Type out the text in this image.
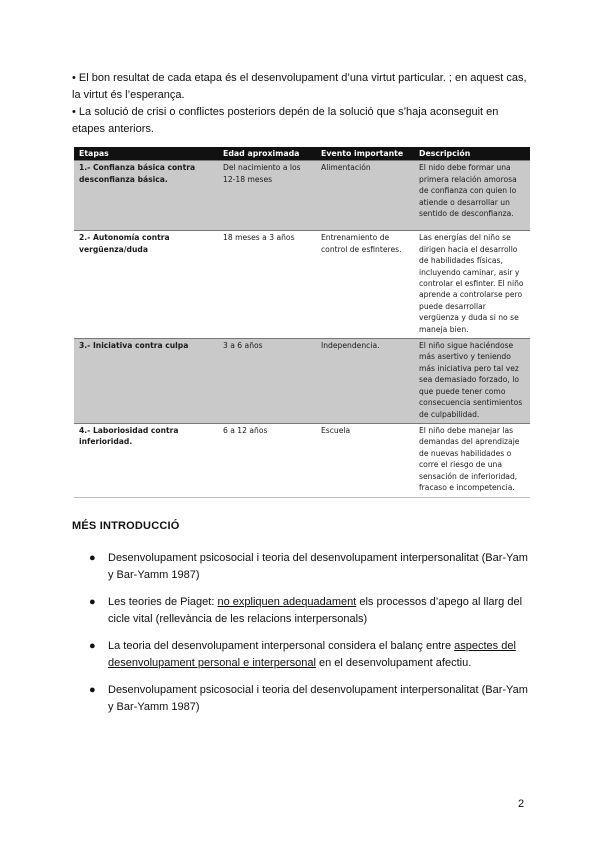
• El bon resultat de cada etapa és el desenvolupament d’una virtut particular. ; en aquest cas, la virtut és l’esperança.

• La solució de crisi o conflictes posteriors depén de la solució que s’haja aconseguit en etapes anteriors.

Etapas	Edad aproximada	Evento importante	Descripción
1.- Confianza básica contra desconfianza básica.	Del nacimiento a los 12-18 meses	Alimentación	El nido debe formar una primera relación amorosa de confianza con quien lo atiende o desarrollar un sentido de desconfianza.
2.- Autonomía contra vergüenza/duda	18 meses a 3 años	Entrenamiento de control de esfinteres.	Las energías del niño se dirigen hacia el desarrollo de habilidades físicas, incluyendo caminar, asir y controlar el esfinter. El niño aprende a controlarse pero puede desarrollar vergüenza y duda si no se maneja bien.
3.- Iniciativa contra culpa	3 a 6 años	Independencia.	El niño sigue haciéndose más asertivo y teniendo más iniciativa pero tal vez sea demasiado forzado, lo que puede tener como consecuencia sentimientos de culpabilidad.
4.- Laboriosidad contra inferioridad.	6 a 12 años	Escuela	El niño debe manejar las demandas del aprendizaje de nuevas habilidades o corre el riesgo de una sensación de inferioridad, fracaso e incompetencia.

MÉS INTRODUCCIÓ

● Desenvolupament psicosocial i teoria del desenvolupament interpersonalitat (Bar-Yam y Bar-Yamm 1987)
● Les teories de Piaget: no expliquen adequadament els processos d’apego al llarg del cicle vital (rellevància de les relacions interpersonals)
● La teoria del desenvolupament interpersonal considera el balanç entre aspectes del desenvolupament personal e interpersonal en el desenvolupament afectiu.
● Desenvolupament psicosocial i teoria del desenvolupament interpersonalitat (Bar-Yam y Bar-Yamm 1987)
2
